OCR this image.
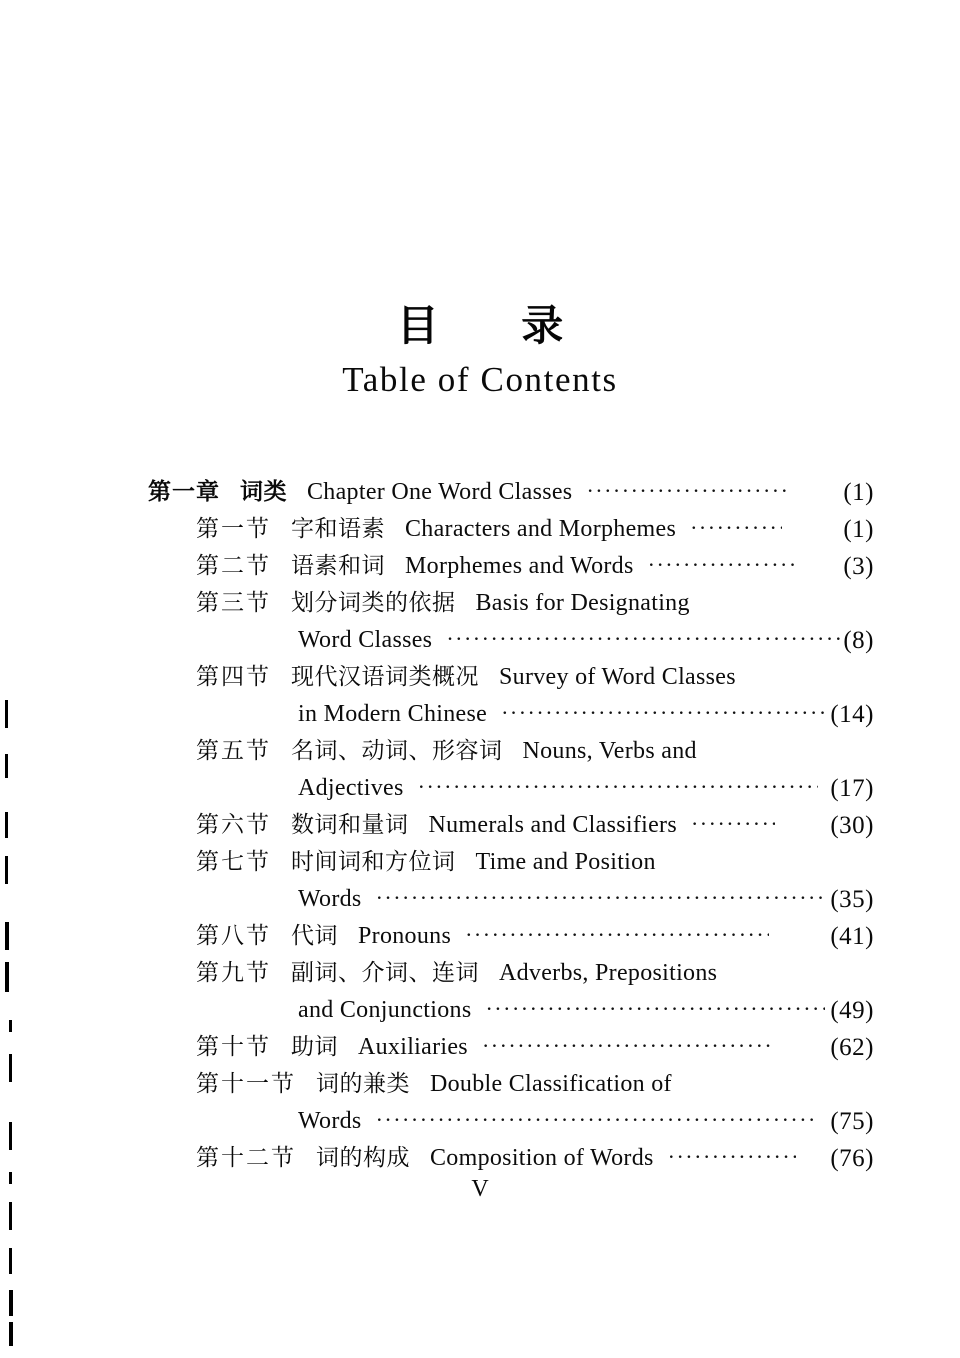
目 录
Table of Contents
第一章 词类 Chapter One Word Classes	(1)
第一节 字和语素 Characters and Morphemes	(1)
第二节 语素和词 Morphemes and Words	(3)
第三节 划分词类的依据 Basis for Designating
Word Classes	(8)
第四节 现代汉语词类概况 Survey of Word Classes
in Modern Chinese	(14)
第五节 名词、动词、形容词 Nouns, Verbs and
Adjectives	(17)
第六节 数词和量词 Numerals and Classifiers	(30)
第七节 时间词和方位词 Time and Position
Words	(35)
第八节 代词 Pronouns	(41)
第九节 副词、介词、连词 Adverbs, Prepositions
and Conjunctions	(49)
第十节 助词 Auxiliaries	(62)
第十一节 词的兼类 Double Classification of
Words	(75)
第十二节 词的构成 Composition of Words	(76)
V
